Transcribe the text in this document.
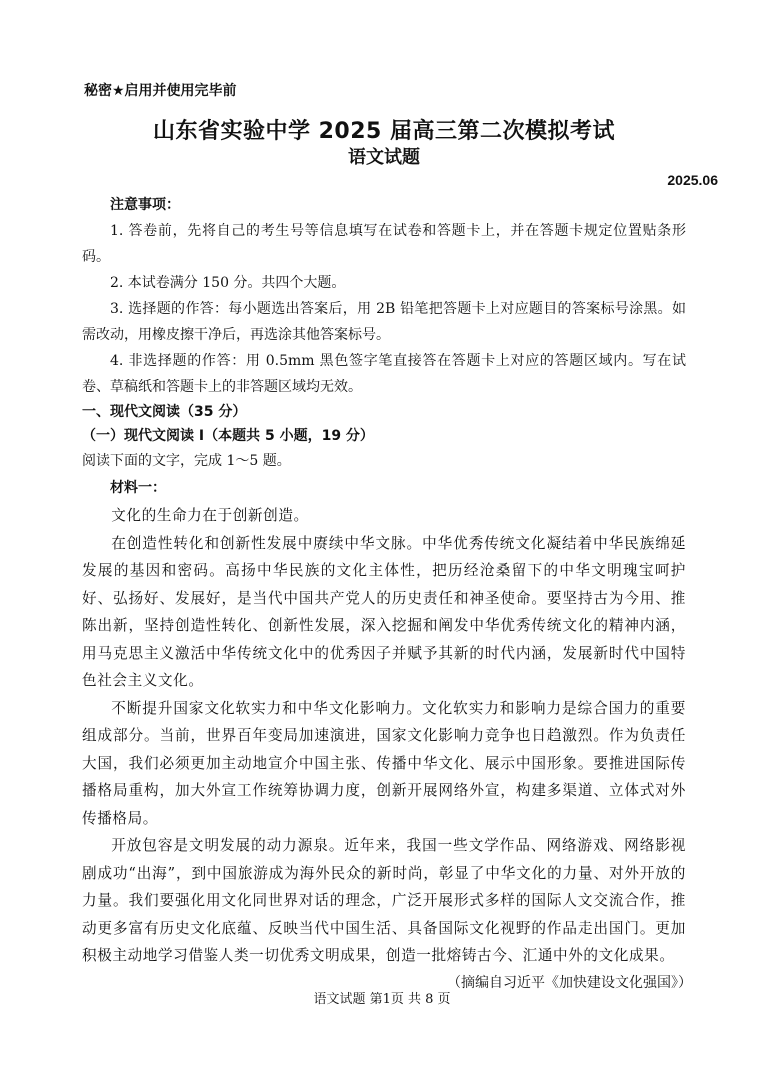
秘密★启用并使用完毕前
山东省实验中学 2025 届高三第二次模拟考试
语文试题
2025.06
注意事项：

1. 答卷前，先将自己的考生号等信息填写在试卷和答题卡上，并在答题卡规定位置贴条形码。

2. 本试卷满分 150 分。共四个大题。

3. 选择题的作答：每小题选出答案后，用 2B 铅笔把答题卡上对应题目的答案标号涂黑。如需改动，用橡皮擦干净后，再选涂其他答案标号。

4. 非选择题的作答：用 0.5mm 黑色签字笔直接答在答题卡上对应的答题区域内。写在试卷、草稿纸和答题卡上的非答题区域均无效。

一、现代文阅读（35 分）
（一）现代文阅读 I（本题共 5 小题，19 分）
阅读下面的文字，完成 1～5 题。
材料一：

文化的生命力在于创新创造。

在创造性转化和创新性发展中赓续中华文脉。中华优秀传统文化凝结着中华民族绵延发展的基因和密码。高扬中华民族的文化主体性，把历经沧桑留下的中华文明瑰宝呵护好、弘扬好、发展好，是当代中国共产党人的历史责任和神圣使命。要坚持古为今用、推陈出新，坚持创造性转化、创新性发展，深入挖掘和阐发中华优秀传统文化的精神内涵，用马克思主义激活中华传统文化中的优秀因子并赋予其新的时代内涵，发展新时代中国特色社会主义文化。

不断提升国家文化软实力和中华文化影响力。文化软实力和影响力是综合国力的重要组成部分。当前，世界百年变局加速演进，国家文化影响力竞争也日趋激烈。作为负责任大国，我们必须更加主动地宣介中国主张、传播中华文化、展示中国形象。要推进国际传播格局重构，加大外宣工作统筹协调力度，创新开展网络外宣，构建多渠道、立体式对外传播格局。

开放包容是文明发展的动力源泉。近年来，我国一些文学作品、网络游戏、网络影视剧成功“出海”，到中国旅游成为海外民众的新时尚，彰显了中华文化的力量、对外开放的力量。我们要强化用文化同世界对话的理念，广泛开展形式多样的国际人文交流合作，推动更多富有历史文化底蕴、反映当代中国生活、具备国际文化视野的作品走出国门。更加积极主动地学习借鉴人类一切优秀文明成果，创造一批熔铸古今、汇通中外的文化成果。

（摘编自习近平《加快建设文化强国》）
语文试题 第1页 共 8 页
